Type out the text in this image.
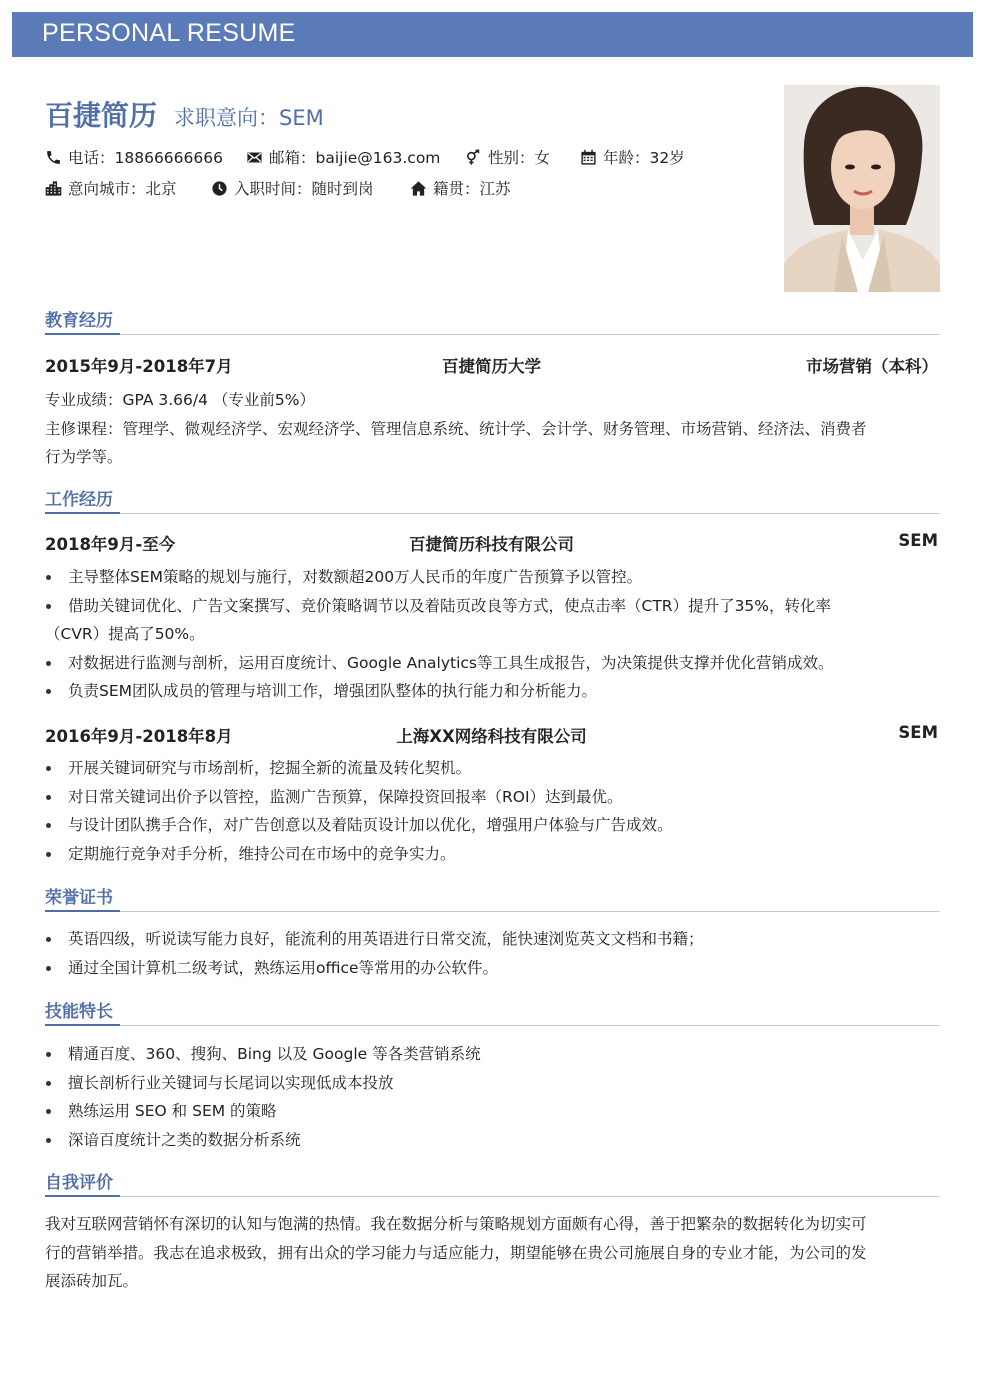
PERSONAL RESUME
百捷简历 求职意向：SEM
电话：18866666666	邮箱：baijie@163.com	性别：女	年龄：32岁
意向城市：北京	入职时间：随时到岗	籍贯：江苏
教育经历
2015年9月-2018年7月	百捷简历大学	市场营销（本科）
专业成绩：GPA 3.66/4 （专业前5%）
主修课程：管理学、微观经济学、宏观经济学、管理信息系统、统计学、会计学、财务管理、市场营销、经济法、消费者
行为学等。
工作经历
2018年9月-至今	百捷简历科技有限公司	SEM
主导整体SEM策略的规划与施行，对数额超200万人民币的年度广告预算予以管控。
借助关键词优化、广告文案撰写、竞价策略调节以及着陆页改良等方式，使点击率（CTR）提升了35%，转化率
（CVR）提高了50%。
对数据进行监测与剖析，运用百度统计、Google Analytics等工具生成报告，为决策提供支撑并优化营销成效。
负责SEM团队成员的管理与培训工作，增强团队整体的执行能力和分析能力。
2016年9月-2018年8月	上海XX网络科技有限公司	SEM
开展关键词研究与市场剖析，挖掘全新的流量及转化契机。
对日常关键词出价予以管控，监测广告预算，保障投资回报率（ROI）达到最优。
与设计团队携手合作，对广告创意以及着陆页设计加以优化，增强用户体验与广告成效。
定期施行竞争对手分析，维持公司在市场中的竞争实力。
荣誉证书
英语四级，听说读写能力良好，能流利的用英语进行日常交流，能快速浏览英文文档和书籍；
通过全国计算机二级考试，熟练运用office等常用的办公软件。
技能特长
精通百度、360、搜狗、Bing 以及 Google 等各类营销系统
擅长剖析行业关键词与长尾词以实现低成本投放
熟练运用 SEO 和 SEM 的策略
深谙百度统计之类的数据分析系统
自我评价
我对互联网营销怀有深切的认知与饱满的热情。我在数据分析与策略规划方面颇有心得，善于把繁杂的数据转化为切实可
行的营销举措。我志在追求极致，拥有出众的学习能力与适应能力，期望能够在贵公司施展自身的专业才能，为公司的发
展添砖加瓦。
